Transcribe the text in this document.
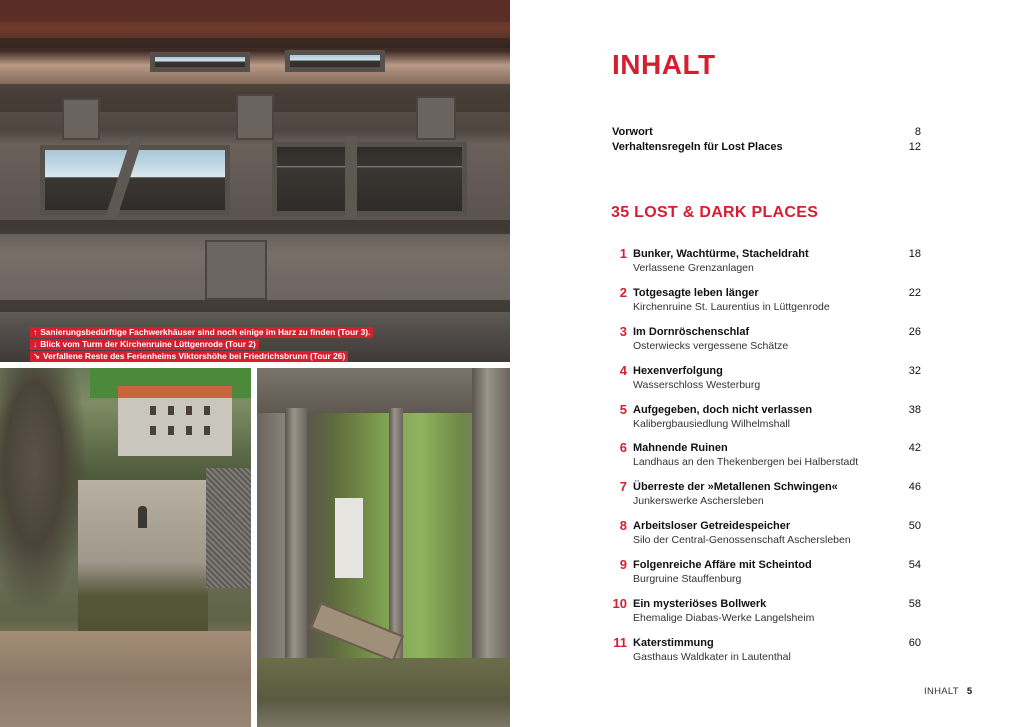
↑ Sanierungsbedürftige Fachwerkhäuser sind noch einige im Harz zu finden (Tour 3).
↓ Blick vom Turm der Kirchenruine Lüttgenrode (Tour 2)
↘ Verfallene Reste des Ferienheims Viktorshöhe bei Friedrichsbrunn (Tour 26)
INHALT
Vorwort	8
Verhaltensregeln für Lost Places	12
35 LOST & DARK PLACES
1 Bunker, Wachtürme, Stacheldraht	18
Verlassene Grenzanlagen
2 Totgesagte leben länger	22
Kirchenruine St. Laurentius in Lüttgenrode
3 Im Dornröschenschlaf	26
Osterwiecks vergessene Schätze
4 Hexenverfolgung	32
Wasserschloss Westerburg
5 Aufgegeben, doch nicht verlassen	38
Kalibergbausiedlung Wilhelmshall
6 Mahnende Ruinen	42
Landhaus an den Thekenbergen bei Halberstadt
7 Überreste der »Metallenen Schwingen«	46
Junkerswerke Aschersleben
8 Arbeitsloser Getreidespeicher	50
Silo der Central-Genossenschaft Aschersleben
9 Folgenreiche Affäre mit Scheintod	54
Burgruine Stauffenburg
10 Ein mysteriöses Bollwerk	58
Ehemalige Diabas-Werke Langelsheim
11 Katerstimmung	60
Gasthaus Waldkater in Lautenthal
INHALT 5
